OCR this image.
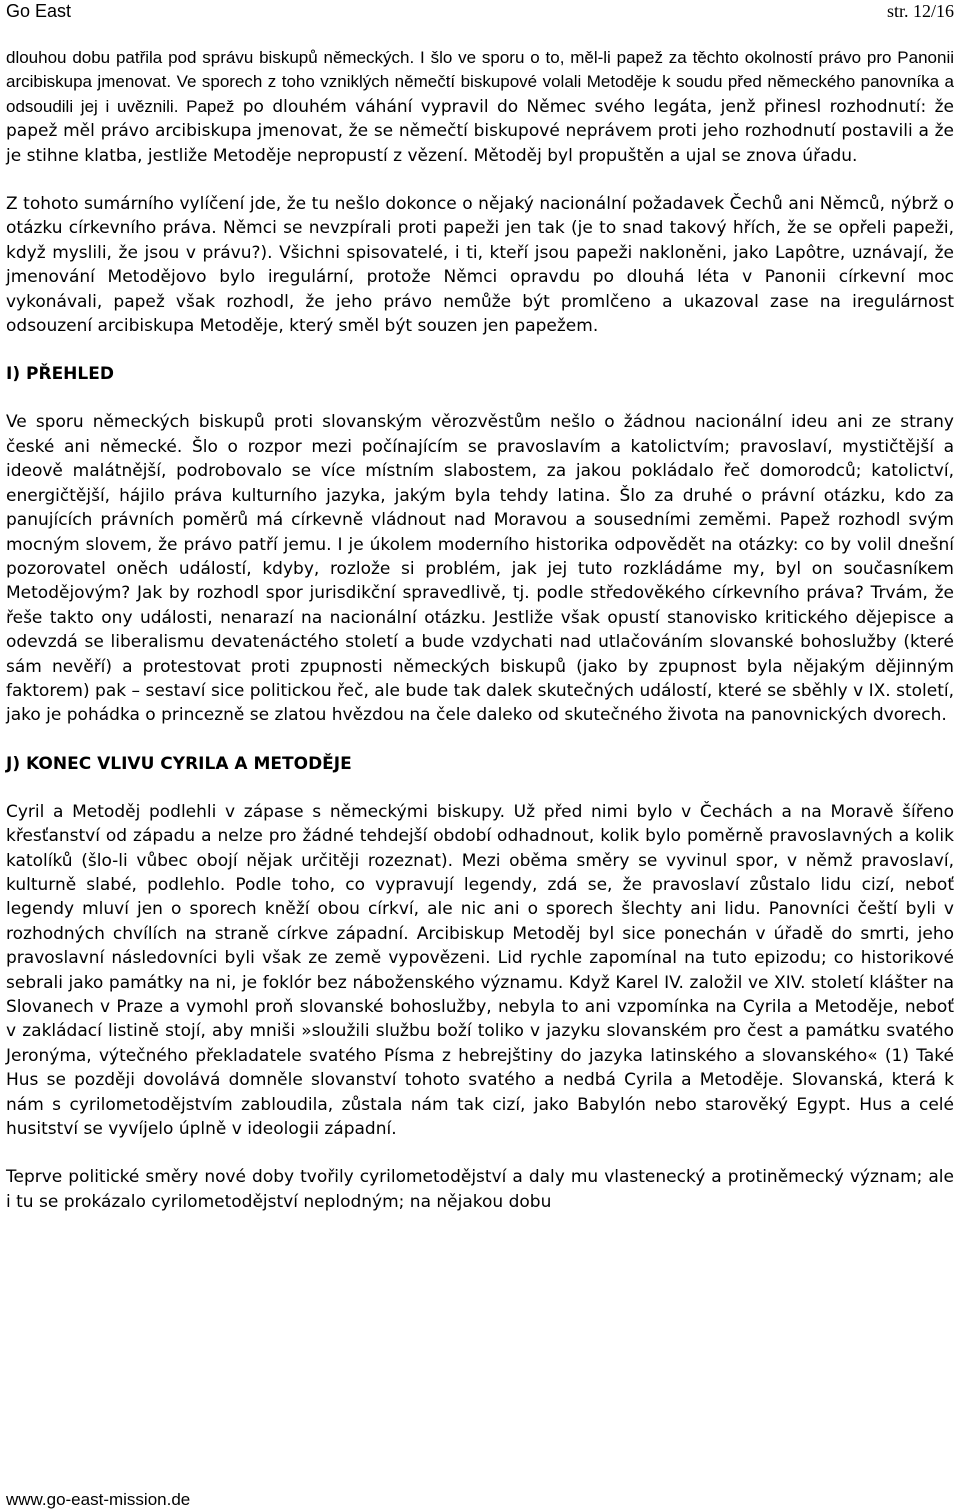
Go East	str. 12/16

dlouhou dobu patřila pod správu biskupů německých. I šlo ve sporu o to, měl-li papež za těchto okolností právo pro Panonii arcibiskupa jmenovat. Ve sporech z toho vzniklých němečtí biskupové volali Metoděje k soudu před německého panovníka a odsoudili jej i uvěznili. Papež po dlouhém váhání vypravil do Němec svého legáta, jenž přinesl rozhodnutí: že papež měl právo arcibiskupa jmenovat, že se němečtí biskupové neprávem proti jeho rozhodnutí postavili a že je stihne klatba, jestliže Metoděje nepropustí z vězení. Mětoděj byl propuštěn a ujal se znova úřadu.

Z tohoto sumárního vylíčení jde, že tu nešlo dokonce o nějaký nacionální požadavek Čechů ani Němců, nýbrž o otázku církevního práva. Němci se nevzpírali proti papeži jen tak (je to snad takový hřích, že se opřeli papeži, když myslili, že jsou v právu?). Všichni spisovatelé, i ti, kteří jsou papeži nakloněni, jako Lapôtre, uznávají, že jmenování Metodějovo bylo iregulární, protože Němci opravdu po dlouhá léta v Panonii církevní moc vykonávali, papež však rozhodl, že jeho právo nemůže být promlčeno a ukazoval zase na iregulárnost odsouzení arcibiskupa Metoděje, který směl být souzen jen papežem.

I) PŘEHLED

Ve sporu německých biskupů proti slovanským věrozvěstům nešlo o žádnou nacionální ideu ani ze strany české ani německé. Šlo o rozpor mezi počínajícím se pravoslavím a katolictvím; pravoslaví, mystičtější a ideově malátnější, podrobovalo se více místním slabostem, za jakou pokládalo řeč domorodců; katolictví, energičtější, hájilo práva kulturního jazyka, jakým byla tehdy latina. Šlo za druhé o právní otázku, kdo za panujících právních poměrů má církevně vládnout nad Moravou a sousedními zeměmi. Papež rozhodl svým mocným slovem, že právo patří jemu. I je úkolem moderního historika odpovědět na otázky: co by volil dnešní pozorovatel oněch událostí, kdyby, rozlože si problém, jak jej tuto rozkládáme my, byl on současníkem Metodějovým? Jak by rozhodl spor jurisdikční spravedlivě, tj. podle středověkého církevního práva? Trvám, že řeše takto ony události, nenarazí na nacionální otázku. Jestliže však opustí stanovisko kritického dějepisce a odevzdá se liberalismu devatenáctého století a bude vzdychati nad utlačováním slovanské bohoslužby (které sám nevěří) a protestovat proti zpupnosti německých biskupů (jako by zpupnost byla nějakým dějinným faktorem) pak – sestaví sice politickou řeč, ale bude tak dalek skutečných událostí, které se sběhly v IX. století, jako je pohádka o princezně se zlatou hvězdou na čele daleko od skutečného života na panovnických dvorech.

J) KONEC VLIVU CYRILA A METODĚJE

Cyril a Metoděj podlehli v zápase s německými biskupy. Už před nimi bylo v Čechách a na Moravě šířeno křesťanství od západu a nelze pro žádné tehdejší období odhadnout, kolik bylo poměrně pravoslavných a kolik katolíků (šlo-li vůbec obojí nějak určitěji rozeznat). Mezi oběma směry se vyvinul spor, v němž pravoslaví, kulturně slabé, podlehlo. Podle toho, co vypravují legendy, zdá se, že pravoslaví zůstalo lidu cizí, neboť legendy mluví jen o sporech kněží obou církví, ale nic ani o sporech šlechty ani lidu. Panovníci čeští byli v rozhodných chvílích na straně církve západní. Arcibiskup Metoděj byl sice ponechán v úřadě do smrti, jeho pravoslavní následovníci byli však ze země vypovězeni. Lid rychle zapomínal na tuto epizodu; co historikové sebrali jako památky na ni, je foklór bez náboženského významu. Když Karel IV. založil ve XIV. století klášter na Slovanech v Praze a vymohl proň slovanské bohoslužby, nebyla to ani vzpomínka na Cyrila a Metoděje, neboť v zakládací listině stojí, aby mniši »sloužili službu boží toliko v jazyku slovanském pro čest a památku svatého Jeronýma, výtečného překladatele svatého Písma z hebrejštiny do jazyka latinského a slovanského« (1) Také Hus se později dovolává domněle slovanství tohoto svatého a nedbá Cyrila a Metoděje. Slovanská, která k nám s cyrilometodějstvím zabloudila, zůstala nám tak cizí, jako Babylón nebo starověký Egypt. Hus a celé husitství se vyvíjelo úplně v ideologii západní.

Teprve politické směry nové doby tvořily cyrilometodějství a daly mu vlastenecký a protiněmecký význam; ale i tu se prokázalo cyrilometodějství neplodným; na nějakou dobu

www.go-east-mission.de
